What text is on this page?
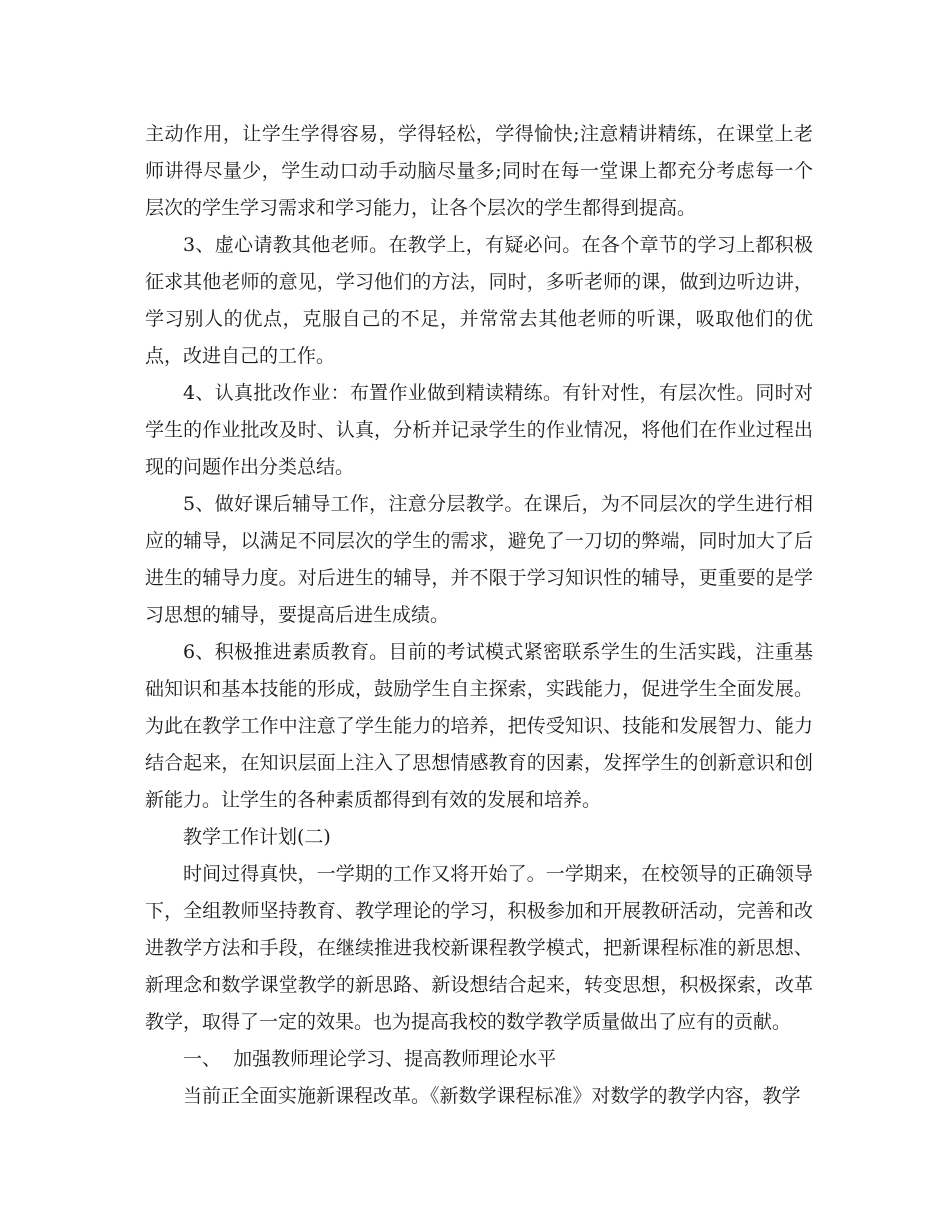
主动作用，让学生学得容易，学得轻松，学得愉快;注意精讲精练，在课堂上老师讲得尽量少，学生动口动手动脑尽量多;同时在每一堂课上都充分考虑每一个层次的学生学习需求和学习能力，让各个层次的学生都得到提高。

3、虚心请教其他老师。在教学上，有疑必问。在各个章节的学习上都积极征求其他老师的意见，学习他们的方法，同时，多听老师的课，做到边听边讲，学习别人的优点，克服自己的不足，并常常去其他老师的听课，吸取他们的优点，改进自己的工作。

4、认真批改作业：布置作业做到精读精练。有针对性，有层次性。同时对学生的作业批改及时、认真，分析并记录学生的作业情况，将他们在作业过程出现的问题作出分类总结。

5、做好课后辅导工作，注意分层教学。在课后，为不同层次的学生进行相应的辅导，以满足不同层次的学生的需求，避免了一刀切的弊端，同时加大了后进生的辅导力度。对后进生的辅导，并不限于学习知识性的辅导，更重要的是学习思想的辅导，要提高后进生成绩。

6、积极推进素质教育。目前的考试模式紧密联系学生的生活实践，注重基础知识和基本技能的形成，鼓励学生自主探索，实践能力，促进学生全面发展。为此在教学工作中注意了学生能力的培养，把传受知识、技能和发展智力、能力结合起来，在知识层面上注入了思想情感教育的因素，发挥学生的创新意识和创新能力。让学生的各种素质都得到有效的发展和培养。

教学工作计划(二)

时间过得真快，一学期的工作又将开始了。一学期来，在校领导的正确领导下，全组教师坚持教育、教学理论的学习，积极参加和开展教研活动，完善和改进教学方法和手段，在继续推进我校新课程教学模式，把新课程标准的新思想、新理念和数学课堂教学的新思路、新设想结合起来，转变思想，积极探索，改革教学，取得了一定的效果。也为提高我校的数学教学质量做出了应有的贡献。

一、  加强教师理论学习、提高教师理论水平

当前正全面实施新课程改革。《新数学课程标准》对数学的教学内容，教学
